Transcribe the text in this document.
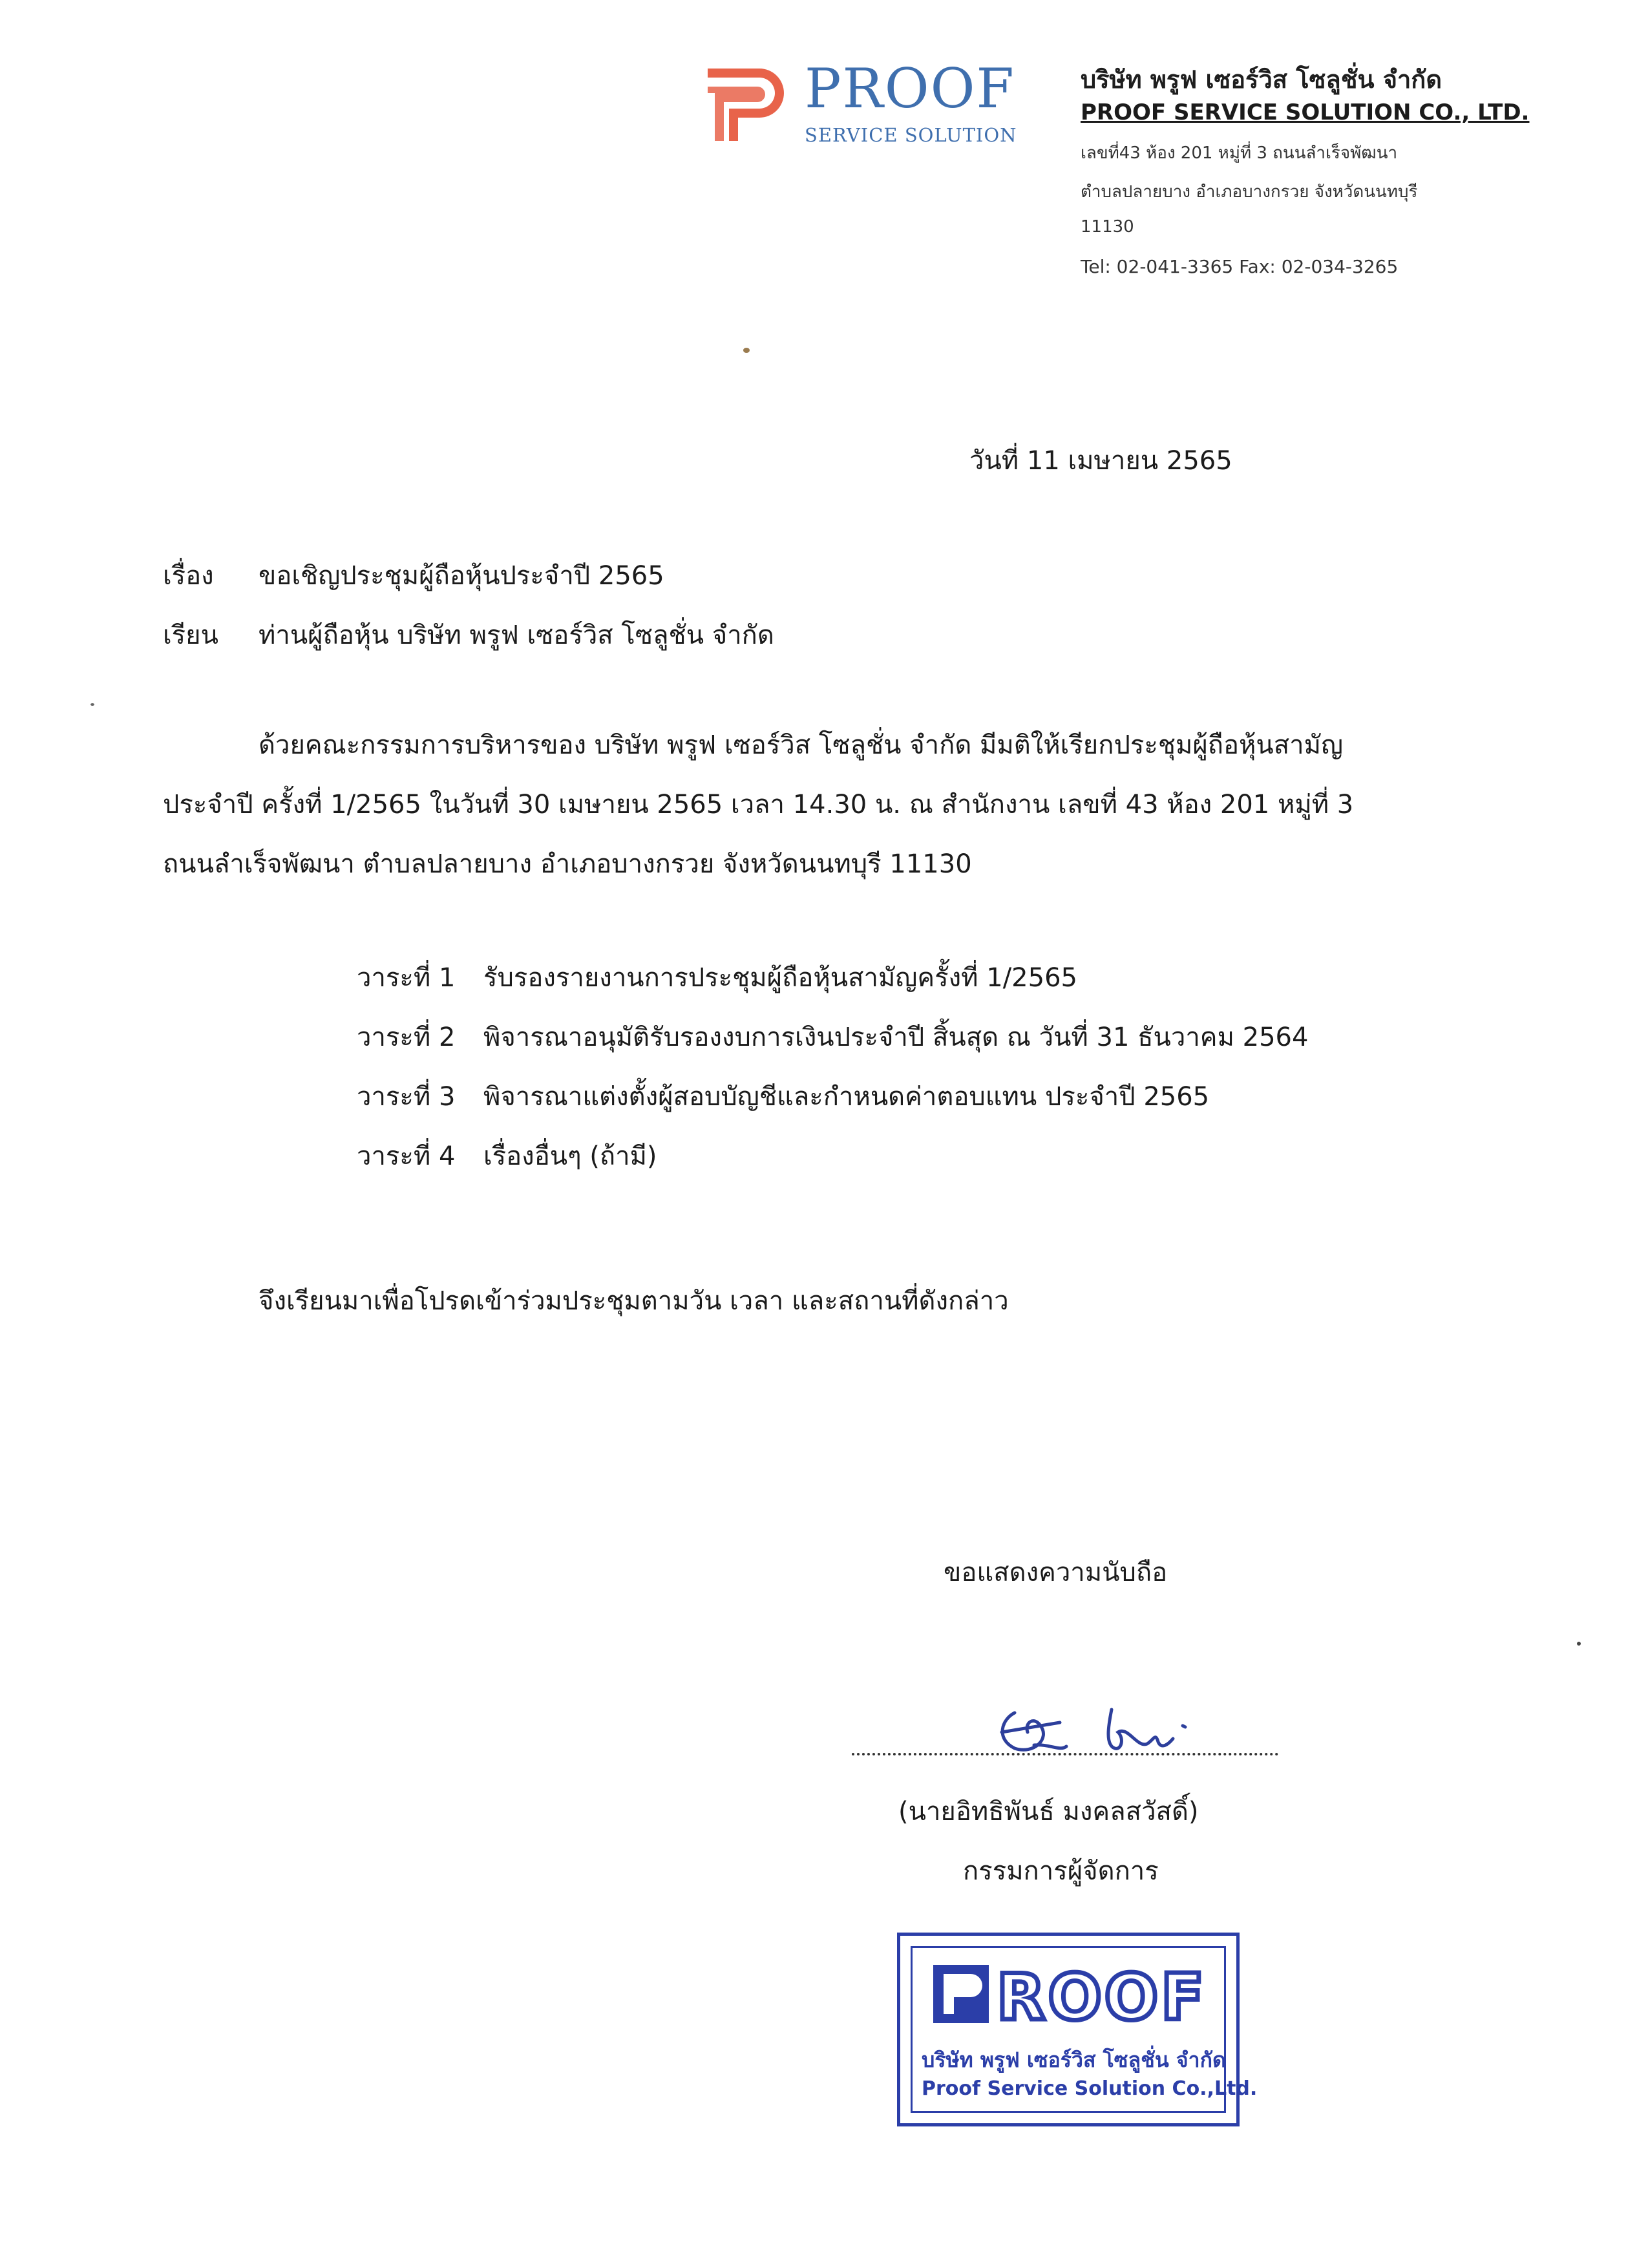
PROOF
SERVICE SOLUTION
บริษัท พรูฟ เซอร์วิส โซลูชั่น จำกัด
PROOF SERVICE SOLUTION CO., LTD.
เลขที่43 ห้อง 201 หมู่ที่ 3 ถนนลำเร็จพัฒนา
ตำบลปลายบาง อำเภอบางกรวย จังหวัดนนทบุรี
11130
Tel: 02-041-3365 Fax: 02-034-3265
วันที่ 11 เมษายน 2565
เรื่อง ขอเชิญประชุมผู้ถือหุ้นประจำปี 2565
เรียน ท่านผู้ถือหุ้น บริษัท พรูฟ เซอร์วิส โซลูชั่น จำกัด
ด้วยคณะกรรมการบริหารของ บริษัท พรูฟ เซอร์วิส โซลูชั่น จำกัด มีมติให้เรียกประชุมผู้ถือหุ้นสามัญ
ประจำปี ครั้งที่ 1/2565 ในวันที่ 30 เมษายน 2565 เวลา 14.30 น. ณ สำนักงาน เลขที่ 43 ห้อง 201 หมู่ที่ 3
ถนนลำเร็จพัฒนา ตำบลปลายบาง อำเภอบางกรวย จังหวัดนนทบุรี 11130
วาระที่ 1 รับรองรายงานการประชุมผู้ถือหุ้นสามัญครั้งที่ 1/2565
วาระที่ 2 พิจารณาอนุมัติรับรองงบการเงินประจำปี สิ้นสุด ณ วันที่ 31 ธันวาคม 2564
วาระที่ 3 พิจารณาแต่งตั้งผู้สอบบัญชีและกำหนดค่าตอบแทน ประจำปี 2565
วาระที่ 4 เรื่องอื่นๆ (ถ้ามี)
จึงเรียนมาเพื่อโปรดเข้าร่วมประชุมตามวัน เวลา และสถานที่ดังกล่าว
ขอแสดงความนับถือ
(นายอิทธิพันธ์ มงคลสวัสดิ์)
กรรมการผู้จัดการ
ROOF
บริษัท พรูฟ เซอร์วิส โซลูชั่น จำกัด
Proof Service Solution Co.,Ltd.
